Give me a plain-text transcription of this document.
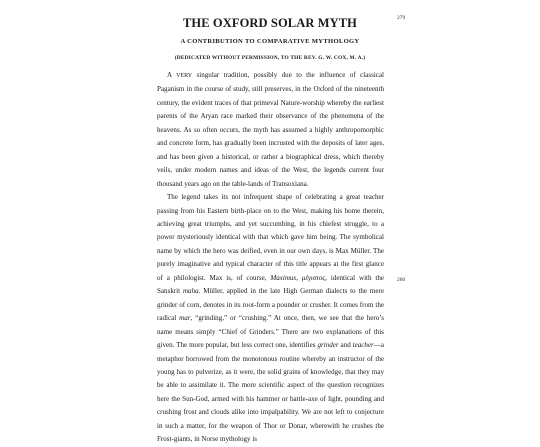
THE OXFORD SOLAR MYTH
A CONTRIBUTION TO COMPARATIVE MYTHOLOGY
(DEDICATED WITHOUT PERMISSION, TO THE REV. G. W. COX, M. A.)
279
280

A VERY singular tradition, possibly due to the influence of classical Paganism in the course of study, still preserves, in the Oxford of the nineteenth century, the evident traces of that primeval Nature-worship whereby the earliest parents of the Aryan race marked their observance of the phenomena of the heavens. As so often occurs, the myth has assumed a highly anthropomorphic and concrete form, has gradually been incrusted with the deposits of later ages, and has been given a historical, or rather a biographical dress, which thereby veils, under modern names and ideas of the West, the legends current four thousand years ago on the table-lands of Transoxiana.

The legend takes its not infrequent shape of celebrating a great teacher passing from his Eastern birth-place on to the West, making his home therein, achieving great triumphs, and yet succumbing, in his chiefest struggle, to a power mysteriously identical with that which gave him being. The symbolical name by which the hero was deified, even in our own days, is Max Müller. The purely imaginative and typical character of this title appears at the first glance of a philologist. Max is, of course, Maximus, μέγιστος, identical with the Sanskrit maha. Müller, applied in the late High German dialects to the mere grinder of corn, denotes in its root-form a pounder or crusher. It comes from the radical mar, “grinding,” or “crushing.” At once, then, we see that the hero’s name means simply “Chief of Grinders.” There are two explanations of this given. The more popular, but less correct one, identifies grinder and teacher—a metaphor borrowed from the monotonous routine whereby an instructor of the young has to pulverize, as it were, the solid grains of knowledge, that they may be able to assimilate it. The more scientific aspect of the question recognizes here the Sun-God, armed with his hammer or battle-axe of light, pounding and crushing frost and clouds alike into impalpability. We are not left to conjecture in such a matter, for the weapon of Thor or Donar, wherewith he crushes the Frost-giants, in Norse mythology is
